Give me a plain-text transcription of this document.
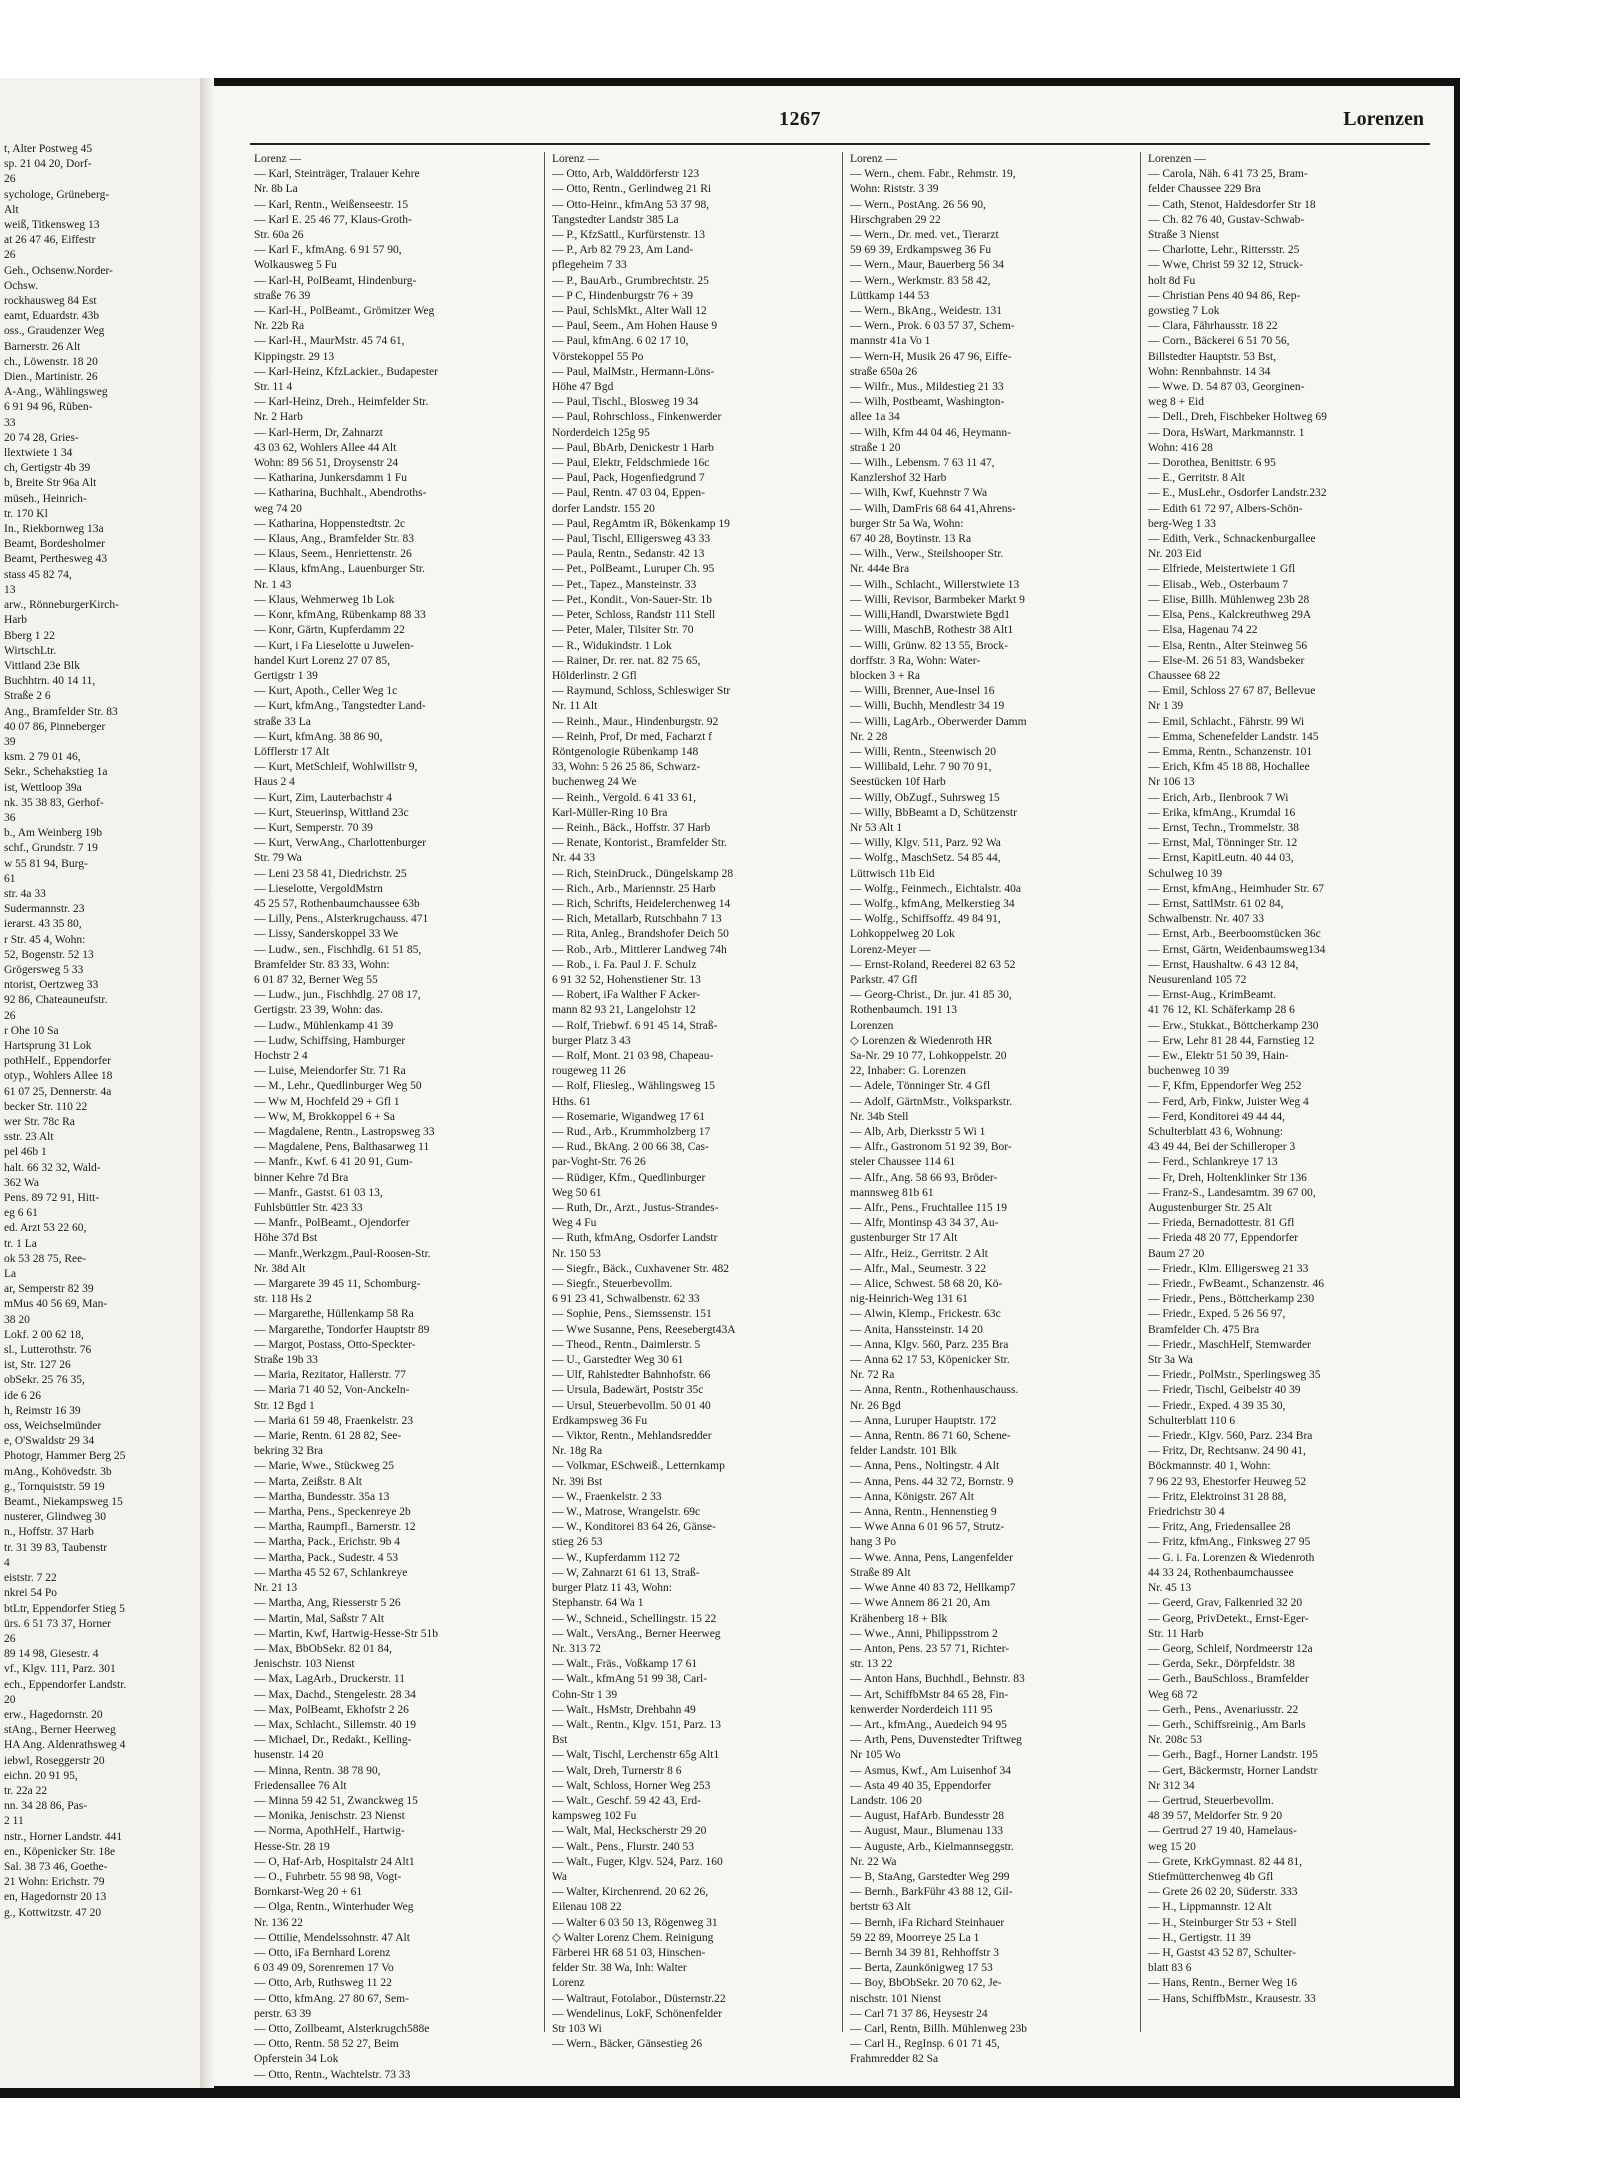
t, Alter Postweg 45
sp. 21 04 20, Dorf-
26
sychologe, Grüneberg-
Alt
weiß, Titkensweg 13
at 26 47 46, Eiffestr
26
Geh., Ochsenw.Norder-
Ochsw.
rockhausweg 84 Est
eamt, Eduardstr. 43b
oss., Graudenzer Weg
Barnerstr. 26 Alt
ch., Löwenstr. 18 20
Dien., Martinistr. 26
A-Ang., Wählingsweg
6 91 94 96, Rüben-
33
20 74 28, Gries-
llextwiete 1 34
ch, Gertigstr 4b 39
b, Breite Str 96a Alt
müseh., Heinrich-
tr. 170 Kl
In., Riekbornweg 13a
Beamt, Bordesholmer
Beamt, Perthesweg 43
stass 45 82 74,
13
arw., RönneburgerKirch-
Harb
Bberg 1 22
WirtschLtr.
Vittland 23e Blk
Buchhtrn. 40 14 11,
Straße 2 6
Ang., Bramfelder Str. 83
40 07 86, Pinneberger
39
ksm. 2 79 01 46,
Sekr., Schehakstieg 1a
ist, Wettloop 39a
nk. 35 38 83, Gerhof-
36
b., Am Weinberg 19b
schf., Grundstr. 7 19
w 55 81 94, Burg-
61
str. 4a 33
Sudermannstr. 23
ierarst. 43 35 80,
r Str. 45 4, Wohn:
52, Bogenstr. 52 13
Grögersweg 5 33
ntorist, Oertzweg 33
92 86, Chateauneufstr.
26
r Ohe 10 Sa
Hartsprung 31 Lok
pothHelf., Eppendorfer
otyp., Wohlers Allee 18
61 07 25, Dennerstr. 4a
becker Str. 110 22
wer Str. 78c Ra
sstr. 23 Alt
pel 46b 1
halt. 66 32 32, Wald-
362 Wa
Pens. 89 72 91, Hitt-
eg 6 61
ed. Arzt 53 22 60,
tr. 1 La
ok 53 28 75, Ree-
La
ar, Semperstr 82 39
mMus 40 56 69, Man-
38 20
Lokf. 2 00 62 18,
sl., Lutterothstr. 76
ist, Str. 127 26
obSekr. 25 76 35,
ide 6 26
h, Reimstr 16 39
oss, Weichselmünder
e, O'Swaldstr 29 34
Photogr, Hammer Berg 25
mAng., Kohövedstr. 3b
g., Tornquiststr. 59 19
Beamt., Niekampsweg 15
nusterer, Glindweg 30
n., Hoffstr. 37 Harb
tr. 31 39 83, Taubenstr
4
eiststr. 7 22
nkrei 54 Po
btLtr, Eppendorfer Stieg 5
ürs. 6 51 73 37, Horner
26
89 14 98, Giesestr. 4
vf., Klgv. 111, Parz. 301
ech., Eppendorfer Landstr.
20
erw., Hagedornstr. 20
stAng., Berner Heerweg
HA Ang. Aldenrathsweg 4
iebwl, Roseggerstr 20
eichn. 20 91 95,
tr. 22a 22
nn. 34 28 86, Pas-
2 11
nstr., Horner Landstr. 441
en., Köpenicker Str. 18e
Sal. 38 73 46, Goethe-
21 Wohn: Erichstr. 79
en, Hagedornstr 20 13
g., Kottwitzstr. 47 20
1267	Lorenzen
Lorenz —
— Karl, Steinträger, Tralauer Kehre
Nr. 8b La
— Karl, Rentn., Weißenseestr. 15
— Karl E. 25 46 77, Klaus-Groth-
Str. 60a 26
— Karl F., kfmAng. 6 91 57 90,
Wolkausweg 5 Fu
— Karl-H, PolBeamt, Hindenburg-
straße 76 39
— Karl-H., PolBeamt., Grömitzer Weg
Nr. 22b Ra
— Karl-H., MaurMstr. 45 74 61,
Kippingstr. 29 13
— Karl-Heinz, KfzLackier., Budapester
Str. 11 4
— Karl-Heinz, Dreh., Heimfelder Str.
Nr. 2 Harb
— Karl-Herm, Dr, Zahnarzt
43 03 62, Wohlers Allee 44 Alt
Wohn: 89 56 51, Droysenstr 24
— Katharina, Junkersdamm 1 Fu
— Katharina, Buchhalt., Abendroths-
weg 74 20
— Katharina, Hoppenstedtstr. 2c
— Klaus, Ang., Bramfelder Str. 83
— Klaus, Seem., Henriettenstr. 26
— Klaus, kfmAng., Lauenburger Str.
Nr. 1 43
— Klaus, Wehmerweg 1b Lok
— Konr, kfmAng, Rübenkamp 88 33
— Konr, Gärtn, Kupferdamm 22
— Kurt, i Fa Lieselotte u Juwelen-
handel Kurt Lorenz 27 07 85,
Gertigstr 1 39
— Kurt, Apoth., Celler Weg 1c
— Kurt, kfmAng., Tangstedter Land-
straße 33 La
— Kurt, kfmAng. 38 86 90,
Löfflerstr 17 Alt
— Kurt, MetSchleif, Wohlwillstr 9,
Haus 2 4
— Kurt, Zim, Lauterbachstr 4
— Kurt, Steuerinsp, Wittland 23c
— Kurt, Semperstr. 70 39
— Kurt, VerwAng., Charlottenburger
Str. 79 Wa
— Leni 23 58 41, Diedrichstr. 25
— Lieselotte, VergoldMstrn
45 25 57, Rothenbaumchaussee 63b
— Lilly, Pens., Alsterkrugchauss. 471
— Lissy, Sanderskoppel 33 We
— Ludw., sen., Fischhdlg. 61 51 85,
Bramfelder Str. 83 33, Wohn:
6 01 87 32, Berner Weg 55
— Ludw., jun., Fischhdlg. 27 08 17,
Gertigstr. 23 39, Wohn: das.
— Ludw., Mühlenkamp 41 39
— Ludw, Schiffsing, Hamburger
Hochstr 2 4
— Luise, Meiendorfer Str. 71 Ra
— M., Lehr., Quedlinburger Weg 50
— Ww M, Hochfeld 29 + Gfl 1
— Ww, M, Brokkoppel 6 + Sa
— Magdalene, Rentn., Lastropsweg 33
— Magdalene, Pens, Balthasarweg 11
— Manfr., Kwf. 6 41 20 91, Gum-
binner Kehre 7d Bra
— Manfr., Gastst. 61 03 13,
Fuhlsbüttler Str. 423 33
— Manfr., PolBeamt., Ojendorfer
Höhe 37d Bst
— Manfr.,Werkzgm.,Paul-Roosen-Str.
Nr. 38d Alt
— Margarete 39 45 11, Schomburg-
str. 118 Hs 2
— Margarethe, Hüllenkamp 58 Ra
— Margarethe, Tondorfer Hauptstr 89
— Margot, Postass, Otto-Speckter-
Straße 19b 33
— Maria, Rezitator, Hallerstr. 77
— Maria 71 40 52, Von-Anckeln-
Str. 12 Bgd 1
— Maria 61 59 48, Fraenkelstr. 23
— Marie, Rentn. 61 28 82, See-
bekring 32 Bra
— Marie, Wwe., Stückweg 25
— Marta, Zeißstr. 8 Alt
— Martha, Bundesstr. 35a 13
— Martha, Pens., Speckenreye 2b
— Martha, Raumpfl., Barnerstr. 12
— Martha, Pack., Erichstr. 9b 4
— Martha, Pack., Sudestr. 4 53
— Martha 45 52 67, Schlankreye
Nr. 21 13
— Martha, Ang, Riesserstr 5 26
— Martin, Mal, Saßstr 7 Alt
— Martin, Kwf, Hartwig-Hesse-Str 51b
— Max, BbObSekr. 82 01 84,
Jenischstr. 103 Nienst
— Max, LagArb., Druckerstr. 11
— Max, Dachd., Stengelestr. 28 34
— Max, PolBeamt, Ekhofstr 2 26
— Max, Schlacht., Sillemstr. 40 19
— Michael, Dr., Redakt., Kelling-
husenstr. 14 20
— Minna, Rentn. 38 78 90,
Friedensallee 76 Alt
— Minna 59 42 51, Zwanckweg 15
— Monika, Jenischstr. 23 Nienst
— Norma, ApothHelf., Hartwig-
Hesse-Str. 28 19
— O, Haf-Arb, Hospitalstr 24 Alt1
— O., Fuhrbetr. 55 98 98, Vogt-
Bornkarst-Weg 20 + 61
— Olga, Rentn., Winterhuder Weg
Nr. 136 22
— Ottilie, Mendelssohnstr. 47 Alt
— Otto, iFa Bernhard Lorenz
6 03 49 09, Sorenremen 17 Vo
— Otto, Arb, Ruthsweg 11 22
— Otto, kfmAng. 27 80 67, Sem-
perstr. 63 39
— Otto, Zollbeamt, Alsterkrugch588e
— Otto, Rentn. 58 52 27, Beim
Opferstein 34 Lok
— Otto, Rentn., Wachtelstr. 73 33
Lorenz —
— Otto, Arb, Walddörferstr 123
— Otto, Rentn., Gerlindweg 21 Ri
— Otto-Heinr., kfmAng 53 37 98,
Tangstedter Landstr 385 La
— P., KfzSattl., Kurfürstenstr. 13
— P., Arb 82 79 23, Am Land-
pflegeheim 7 33
— P., BauArb., Grumbrechtstr. 25
— P C, Hindenburgstr 76 + 39
— Paul, SchlsMkt., Alter Wall 12
— Paul, Seem., Am Hohen Hause 9
— Paul, kfmAng. 6 02 17 10,
Vörstekoppel 55 Po
— Paul, MalMstr., Hermann-Löns-
Höhe 47 Bgd
— Paul, Tischl., Blosweg 19 34
— Paul, Rohrschloss., Finkenwerder
Norderdeich 125g 95
— Paul, BbArb, Denickestr 1 Harb
— Paul, Elektr, Feldschmiede 16c
— Paul, Pack, Hogenfiedgrund 7
— Paul, Rentn. 47 03 04, Eppen-
dorfer Landstr. 155 20
— Paul, RegAmtm iR, Bökenkamp 19
— Paul, Tischl, Elligersweg 43 33
— Paula, Rentn., Sedanstr. 42 13
— Pet., PolBeamt., Luruper Ch. 95
— Pet., Tapez., Mansteinstr. 33
— Pet., Kondit., Von-Sauer-Str. 1b
— Peter, Schloss, Randstr 111 Stell
— Peter, Maler, Tilsiter Str. 70
— R., Widukindstr. 1 Lok
— Rainer, Dr. rer. nat. 82 75 65,
Hölderlinstr. 2 Gfl
— Raymund, Schloss, Schleswiger Str
Nr. 11 Alt
— Reinh., Maur., Hindenburgstr. 92
— Reinh, Prof, Dr med, Facharzt f
Röntgenologie Rübenkamp 148
33, Wohn: 5 26 25 86, Schwarz-
buchenweg 24 We
— Reinh., Vergold. 6 41 33 61,
Karl-Müller-Ring 10 Bra
— Reinh., Bäck., Hoffstr. 37 Harb
— Renate, Kontorist., Bramfelder Str.
Nr. 44 33
— Rich, SteinDruck., Düngelskamp 28
— Rich., Arb., Mariennstr. 25 Harb
— Rich, Schrifts, Heidelerchenweg 14
— Rich, Metallarb, Rutschbahn 7 13
— Rita, Anleg., Brandshofer Deich 50
— Rob., Arb., Mittlerer Landweg 74h
— Rob., i. Fa. Paul J. F. Schulz
6 91 32 52, Hohenstiener Str. 13
— Robert, iFa Walther F Acker-
mann 82 93 21, Langelohstr 12
— Rolf, Triebwf. 6 91 45 14, Straß-
burger Platz 3 43
— Rolf, Mont. 21 03 98, Chapeau-
rougeweg 11 26
— Rolf, Fliesleg., Wählingsweg 15
Hths. 61
— Rosemarie, Wigandweg 17 61
— Rud., Arb., Krummholzberg 17
— Rud., BkAng. 2 00 66 38, Cas-
par-Voght-Str. 76 26
— Rüdiger, Kfm., Quedlinburger
Weg 50 61
— Ruth, Dr., Arzt., Justus-Strandes-
Weg 4 Fu
— Ruth, kfmAng, Osdorfer Landstr
Nr. 150 53
— Siegfr., Bäck., Cuxhavener Str. 482
— Siegfr., Steuerbevollm.
6 91 23 41, Schwalbenstr. 62 33
— Sophie, Pens., Siemssenstr. 151
— Wwe Susanne, Pens, Reesebergt43A
— Theod., Rentn., Daimlerstr. 5
— U., Garstedter Weg 30 61
— Ulf, Rahlstedter Bahnhofstr. 66
— Ursula, Badewärt, Poststr 35c
— Ursul, Steuerbevollm. 50 01 40
Erdkampsweg 36 Fu
— Viktor, Rentn., Mehlandsredder
Nr. 18g Ra
— Volkmar, ESchweiß., Letternkamp
Nr. 39i Bst
— W., Fraenkelstr. 2 33
— W., Matrose, Wrangelstr. 69c
— W., Konditorei 83 64 26, Gänse-
stieg 26 53
— W., Kupferdamm 112 72
— W, Zahnarzt 61 61 13, Straß-
burger Platz 11 43, Wohn:
Stephanstr. 64 Wa 1
— W., Schneid., Schellingstr. 15 22
— Walt., VersAng., Berner Heerweg
Nr. 313 72
— Walt., Fräs., Voßkamp 17 61
— Walt., kfmAng 51 99 38, Carl-
Cohn-Str 1 39
— Walt., HsMstr, Drehbahn 49
— Walt., Rentn., Klgv. 151, Parz. 13
Bst
— Walt, Tischl, Lerchenstr 65g Alt1
— Walt, Dreh, Turnerstr 8 6
— Walt, Schloss, Horner Weg 253
— Walt., Geschf. 59 42 43, Erd-
kampsweg 102 Fu
— Walt, Mal, Heckscherstr 29 20
— Walt., Pens., Flurstr. 240 53
— Walt., Fuger, Klgv. 524, Parz. 160
Wa
— Walter, Kirchenrend. 20 62 26,
Eilenau 108 22
— Walter 6 03 50 13, Rögenweg 31
◇ Walter Lorenz Chem. Reinigung
Färberei HR 68 51 03, Hinschen-
felder Str. 38 Wa, Inh: Walter
Lorenz
— Waltraut, Fotolabor., Düsternstr.22
— Wendelinus, LokF, Schönenfelder
Str 103 Wi
— Wern., Bäcker, Gänsestieg 26
Lorenz —
— Wern., chem. Fabr., Rehmstr. 19,
Wohn: Riststr. 3 39
— Wern., PostAng. 26 56 90,
Hirschgraben 29 22
— Wern., Dr. med. vet., Tierarzt
59 69 39, Erdkampsweg 36 Fu
— Wern., Maur, Bauerberg 56 34
— Wern., Werkmstr. 83 58 42,
Lüttkamp 144 53
— Wern., BkAng., Weidestr. 131
— Wern., Prok. 6 03 57 37, Schem-
mannstr 41a Vo 1
— Wern-H, Musik 26 47 96, Eiffe-
straße 650a 26
— Wilfr., Mus., Mildestieg 21 33
— Wilh, Postbeamt, Washington-
allee 1a 34
— Wilh, Kfm 44 04 46, Heymann-
straße 1 20
— Wilh., Lebensm. 7 63 11 47,
Kanzlershof 32 Harb
— Wilh, Kwf, Kuehnstr 7 Wa
— Wilh, DamFris 68 64 41,Ahrens-
burger Str 5a Wa, Wohn:
67 40 28, Boytinstr. 13 Ra
— Wilh., Verw., Steilshooper Str.
Nr. 444e Bra
— Wilh., Schlacht., Willerstwiete 13
— Willi, Revisor, Barmbeker Markt 9
— Willi,Handl, Dwarstwiete Bgd1
— Willi, MaschB, Rothestr 38 Alt1
— Willi, Grünw. 82 13 55, Brock-
dorffstr. 3 Ra, Wohn: Water-
blocken 3 + Ra
— Willi, Brenner, Aue-Insel 16
— Willi, Buchh, Mendlestr 34 19
— Willi, LagArb., Oberwerder Damm
Nr. 2 28
— Willi, Rentn., Steenwisch 20
— Willibald, Lehr. 7 90 70 91,
Seestücken 10f Harb
— Willy, ObZugf., Suhrsweg 15
— Willy, BbBeamt a D, Schützenstr
Nr 53 Alt 1
— Willy, Klgv. 511, Parz. 92 Wa
— Wolfg., MaschSetz. 54 85 44,
Lüttwisch 11b Eid
— Wolfg., Feinmech., Eichtalstr. 40a
— Wolfg., kfmAng, Melkerstieg 34
— Wolfg., Schiffsoffz. 49 84 91,
Lohkoppelweg 20 Lok
Lorenz-Meyer —
— Ernst-Roland, Reederei 82 63 52
Parkstr. 47 Gfl
— Georg-Christ., Dr. jur. 41 85 30,
Rothenbaumch. 191 13
Lorenzen
◇ Lorenzen & Wiedenroth HR
Sa-Nr. 29 10 77, Lohkoppelstr. 20
22, Inhaber: G. Lorenzen
— Adele, Tönninger Str. 4 Gfl
— Adolf, GärtnMstr., Volksparkstr.
Nr. 34b Stell
— Alb, Arb, Dierksstr 5 Wi 1
— Alfr., Gastronom 51 92 39, Bor-
steler Chaussee 114 61
— Alfr., Ang. 58 66 93, Bröder-
mannsweg 81b 61
— Alfr., Pens., Fruchtallee 115 19
— Alfr, Montinsp 43 34 37, Au-
gustenburger Str 17 Alt
— Alfr., Heiz., Gerritstr. 2 Alt
— Alfr., Mal., Seumestr. 3 22
— Alice, Schwest. 58 68 20, Kö-
nig-Heinrich-Weg 131 61
— Alwin, Klemp., Frickestr. 63c
— Anita, Hanssteinstr. 14 20
— Anna, Klgv. 560, Parz. 235 Bra
— Anna 62 17 53, Köpenicker Str.
Nr. 72 Ra
— Anna, Rentn., Rothenhauschauss.
Nr. 26 Bgd
— Anna, Luruper Hauptstr. 172
— Anna, Rentn. 86 71 60, Schene-
felder Landstr. 101 Blk
— Anna, Pens., Noltingstr. 4 Alt
— Anna, Pens. 44 32 72, Bornstr. 9
— Anna, Königstr. 267 Alt
— Anna, Rentn., Hennenstieg 9
— Wwe Anna 6 01 96 57, Strutz-
hang 3 Po
— Wwe. Anna, Pens, Langenfelder
Straße 89 Alt
— Wwe Anne 40 83 72, Hellkamp7
— Wwe Annem 86 21 20, Am
Krähenberg 18 + Blk
— Wwe., Anni, Philippsstrom 2
— Anton, Pens. 23 57 71, Richter-
str. 13 22
— Anton Hans, Buchhdl., Behnstr. 83
— Art, SchiffbMstr 84 65 28, Fin-
kenwerder Norderdeich 111 95
— Art., kfmAng., Auedeich 94 95
— Arth, Pens, Duvenstedter Triftweg
Nr 105 Wo
— Asmus, Kwf., Am Luisenhof 34
— Asta 49 40 35, Eppendorfer
Landstr. 106 20
— August, HafArb. Bundesstr 28
— August, Maur., Blumenau 133
— Auguste, Arb., Kielmannseggstr.
Nr. 22 Wa
— B, StaAng, Garstedter Weg 299
— Bernh., BarkFühr 43 88 12, Gil-
bertstr 63 Alt
— Bernh, iFa Richard Steinhauer
59 22 89, Moorreye 25 La 1
— Bernh 34 39 81, Rehhoffstr 3
— Berta, Zaunkönigweg 17 53
— Boy, BbObSekr. 20 70 62, Je-
nischstr. 101 Nienst
— Carl 71 37 86, Heysestr 24
— Carl, Rentn, Billh. Mühlenweg 23b
— Carl H., RegInsp. 6 01 71 45,
Frahmredder 82 Sa
Lorenzen —
— Carola, Näh. 6 41 73 25, Bram-
felder Chaussee 229 Bra
— Cath, Stenot, Haldesdorfer Str 18
— Ch. 82 76 40, Gustav-Schwab-
Straße 3 Nienst
— Charlotte, Lehr., Rittersstr. 25
— Wwe, Christ 59 32 12, Struck-
holt 8d Fu
— Christian Pens 40 94 86, Rep-
gowstieg 7 Lok
— Clara, Fährhausstr. 18 22
— Corn., Bäckerei 6 51 70 56,
Billstedter Hauptstr. 53 Bst,
Wohn: Rennbahnstr. 14 34
— Wwe. D. 54 87 03, Georginen-
weg 8 + Eid
— Dell., Dreh, Fischbeker Holtweg 69
— Dora, HsWart, Markmannstr. 1
Wohn: 416 28
— Dorothea, Benittstr. 6 95
— E., Gerritstr. 8 Alt
— E., MusLehr., Osdorfer Landstr.232
— Edith 61 72 97, Albers-Schön-
berg-Weg 1 33
— Edith, Verk., Schnackenburgallee
Nr. 203 Eid
— Elfriede, Meistertwiete 1 Gfl
— Elisab., Web., Osterbaum 7
— Elise, Billh. Mühlenweg 23b 28
— Elsa, Pens., Kalckreuthweg 29A
— Elsa, Hagenau 74 22
— Elsa, Rentn., Alter Steinweg 56
— Else-M. 26 51 83, Wandsbeker
Chaussee 68 22
— Emil, Schloss 27 67 87, Bellevue
Nr 1 39
— Emil, Schlacht., Fährstr. 99 Wi
— Emma, Schenefelder Landstr. 145
— Emma, Rentn., Schanzenstr. 101
— Erich, Kfm 45 18 88, Hochallee
Nr 106 13
— Erich, Arb., Ilenbrook 7 Wi
— Erika, kfmAng., Krumdal 16
— Ernst, Techn., Trommelstr. 38
— Ernst, Mal, Tönninger Str. 12
— Ernst, KapitLeutn. 40 44 03,
Schulweg 10 39
— Ernst, kfmAng., Heimhuder Str. 67
— Ernst, SattlMstr. 61 02 84,
Schwalbenstr. Nr. 407 33
— Ernst, Arb., Beerboomstücken 36c
— Ernst, Gärtn, Weidenbaumsweg134
— Ernst, Haushaltw. 6 43 12 84,
Neusurenland 105 72
— Ernst-Aug., KrimBeamt.
41 76 12, Kl. Schäferkamp 28 6
— Erw., Stukkat., Böttcherkamp 230
— Erw, Lehr 81 28 44, Farnstieg 12
— Ew., Elektr 51 50 39, Hain-
buchenweg 10 39
— F, Kfm, Eppendorfer Weg 252
— Ferd, Arb, Finkw, Juister Weg 4
— Ferd, Konditorei 49 44 44,
Schulterblatt 43 6, Wohnung:
43 49 44, Bei der Schilleroper 3
— Ferd., Schlankreye 17 13
— Fr, Dreh, Holtenklinker Str 136
— Franz-S., Landesamtm. 39 67 00,
Augustenburger Str. 25 Alt
— Frieda, Bernadottestr. 81 Gfl
— Frieda 48 20 77, Eppendorfer
Baum 27 20
— Friedr., Klm. Elligersweg 21 33
— Friedr., FwBeamt., Schanzenstr. 46
— Friedr., Pens., Böttcherkamp 230
— Friedr., Exped. 5 26 56 97,
Bramfelder Ch. 475 Bra
— Friedr., MaschHelf, Stemwarder
Str 3a Wa
— Friedr., PolMstr., Sperlingsweg 35
— Friedr, Tischl, Geibelstr 40 39
— Friedr., Exped. 4 39 35 30,
Schulterblatt 110 6
— Friedr., Klgv. 560, Parz. 234 Bra
— Fritz, Dr, Rechtsanw. 24 90 41,
Böckmannstr. 40 1, Wohn:
7 96 22 93, Ehestorfer Heuweg 52
— Fritz, Elektroinst 31 28 88,
Friedrichstr 30 4
— Fritz, Ang, Friedensallee 28
— Fritz, kfmAng., Finksweg 27 95
— G. i. Fa. Lorenzen & Wiedenroth
44 33 24, Rothenbaumchaussee
Nr. 45 13
— Geerd, Grav, Falkenried 32 20
— Georg, PrivDetekt., Ernst-Eger-
Str. 11 Harb
— Georg, Schleif, Nordmeerstr 12a
— Gerda, Sekr., Dörpfeldstr. 38
— Gerh., BauSchloss., Bramfelder
Weg 68 72
— Gerh., Pens., Avenariusstr. 22
— Gerh., Schiffsreinig., Am Barls
Nr. 208c 53
— Gerh., Bagf., Horner Landstr. 195
— Gert, Bäckermstr, Horner Landstr
Nr 312 34
— Gertrud, Steuerbevollm.
48 39 57, Meldorfer Str. 9 20
— Gertrud 27 19 40, Hamelaus-
weg 15 20
— Grete, KrkGymnast. 82 44 81,
Stiefmütterchenweg 4b Gfl
— Grete 26 02 20, Süderstr. 333
— H., Lippmannstr. 12 Alt
— H., Steinburger Str 53 + Stell
— H., Gertigstr. 11 39
— H, Gastst 43 52 87, Schulter-
blatt 83 6
— Hans, Rentn., Berner Weg 16
— Hans, SchiffbMstr., Krausestr. 33
